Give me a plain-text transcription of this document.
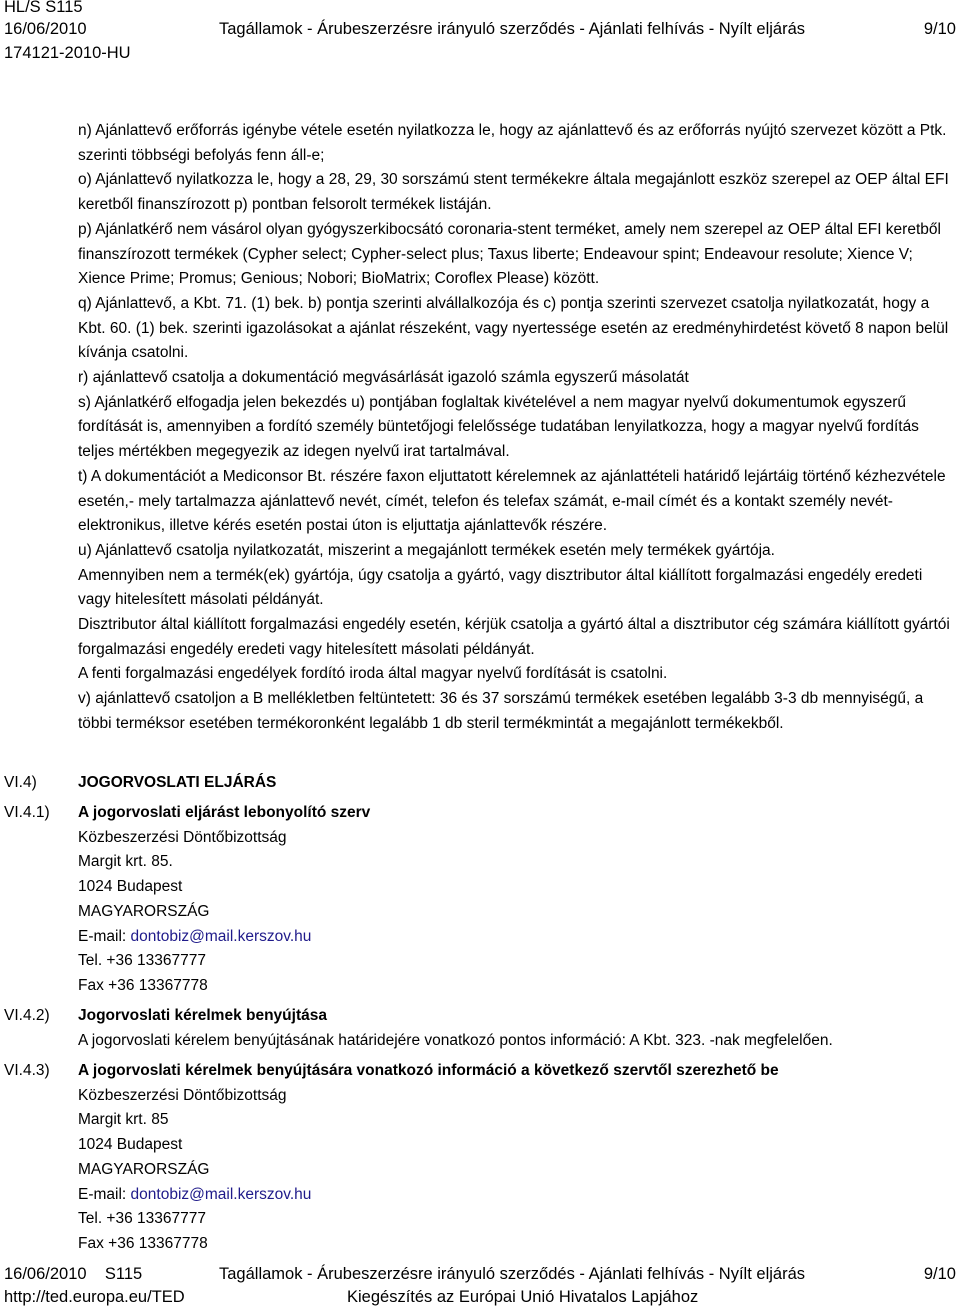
HL/S S115
16/06/2010	Tagállamok - Árubeszerzésre irányuló szerződés - Ajánlati felhívás - Nyílt eljárás	9/10
174121-2010-HU

n) Ajánlattevő erőforrás igénybe vétele esetén nyilatkozza le, hogy az ajánlattevő és az erőforrás nyújtó szervezet között a Ptk. szerinti többségi befolyás fenn áll-e;

o) Ajánlattevő nyilatkozza le, hogy a 28, 29, 30 sorszámú stent termékekre általa megajánlott eszköz szerepel az OEP által EFI keretből finanszírozott p) pontban felsorolt termékek listáján.

p) Ajánlatkérő nem vásárol olyan gyógyszerkibocsátó coronaria-stent terméket, amely nem szerepel az OEP által EFI keretből finanszírozott termékek (Cypher select; Cypher-select plus; Taxus liberte; Endeavour spint; Endeavour resolute; Xience V; Xience Prime; Promus; Genious; Nobori; BioMatrix; Coroflex Please) között.

q) Ajánlattevő, a Kbt. 71. (1) bek. b) pontja szerinti alvállalkozója és c) pontja szerinti szervezet csatolja nyilatkozatát, hogy a Kbt. 60. (1) bek. szerinti igazolásokat a ajánlat részeként, vagy nyertessége esetén az eredményhirdetést követő 8 napon belül kívánja csatolni.

r) ajánlattevő csatolja a dokumentáció megvásárlását igazoló számla egyszerű másolatát

s) Ajánlatkérő elfogadja jelen bekezdés u) pontjában foglaltak kivételével a nem magyar nyelvű dokumentumok egyszerű fordítását is, amennyiben a fordító személy büntetőjogi felelőssége tudatában lenyilatkozza, hogy a magyar nyelvű fordítás teljes mértékben megegyezik az idegen nyelvű irat tartalmával.

t) A dokumentációt a Mediconsor Bt. részére faxon eljuttatott kérelemnek az ajánlattételi határidő lejártáig történő kézhezvétele esetén,- mely tartalmazza ajánlattevő nevét, címét, telefon és telefax számát, e-mail címét és a kontakt személy nevét- elektronikus, illetve kérés esetén postai úton is eljuttatja ajánlattevők részére.

u) Ajánlattevő csatolja nyilatkozatát, miszerint a megajánlott termékek esetén mely termékek gyártója.

Amennyiben nem a termék(ek) gyártója, úgy csatolja a gyártó, vagy disztributor által kiállított forgalmazási engedély eredeti vagy hitelesített másolati példányát.

Disztributor által kiállított forgalmazási engedély esetén, kérjük csatolja a gyártó által a disztributor cég számára kiállított gyártói forgalmazási engedély eredeti vagy hitelesített másolati példányát.

A fenti forgalmazási engedélyek fordító iroda által magyar nyelvű fordítását is csatolni.

v) ajánlattevő csatoljon a B mellékletben feltüntetett: 36 és 37 sorszámú termékek esetében legalább 3-3 db mennyiségű, a többi terméksor esetében termékoronként legalább 1 db steril termékmintát a megajánlott termékekből.

VI.4)	JOGORVOSLATI ELJÁRÁS
VI.4.1) A jogorvoslati eljárást lebonyolító szerv

Közbeszerzési Döntőbizottság

Margit krt. 85.

1024 Budapest

MAGYARORSZÁG

E-mail: dontobiz@mail.kerszov.hu

Tel. +36 13367777

Fax +36 13367778

VI.4.2) Jogorvoslati kérelmek benyújtása

A jogorvoslati kérelem benyújtásának határidejére vonatkozó pontos információ: A Kbt. 323. -nak megfelelően.

VI.4.3) A jogorvoslati kérelmek benyújtására vonatkozó információ a következő szervtől szerezhető be

Közbeszerzési Döntőbizottság

Margit krt. 85

1024 Budapest

MAGYARORSZÁG

E-mail: dontobiz@mail.kerszov.hu

Tel. +36 13367777

Fax +36 13367778

16/06/2010    S115	Tagállamok - Árubeszerzésre irányuló szerződés - Ajánlati felhívás - Nyílt eljárás	9/10
http://ted.europa.eu/TED	Kiegészítés az Európai Unió Hivatalos Lapjához
